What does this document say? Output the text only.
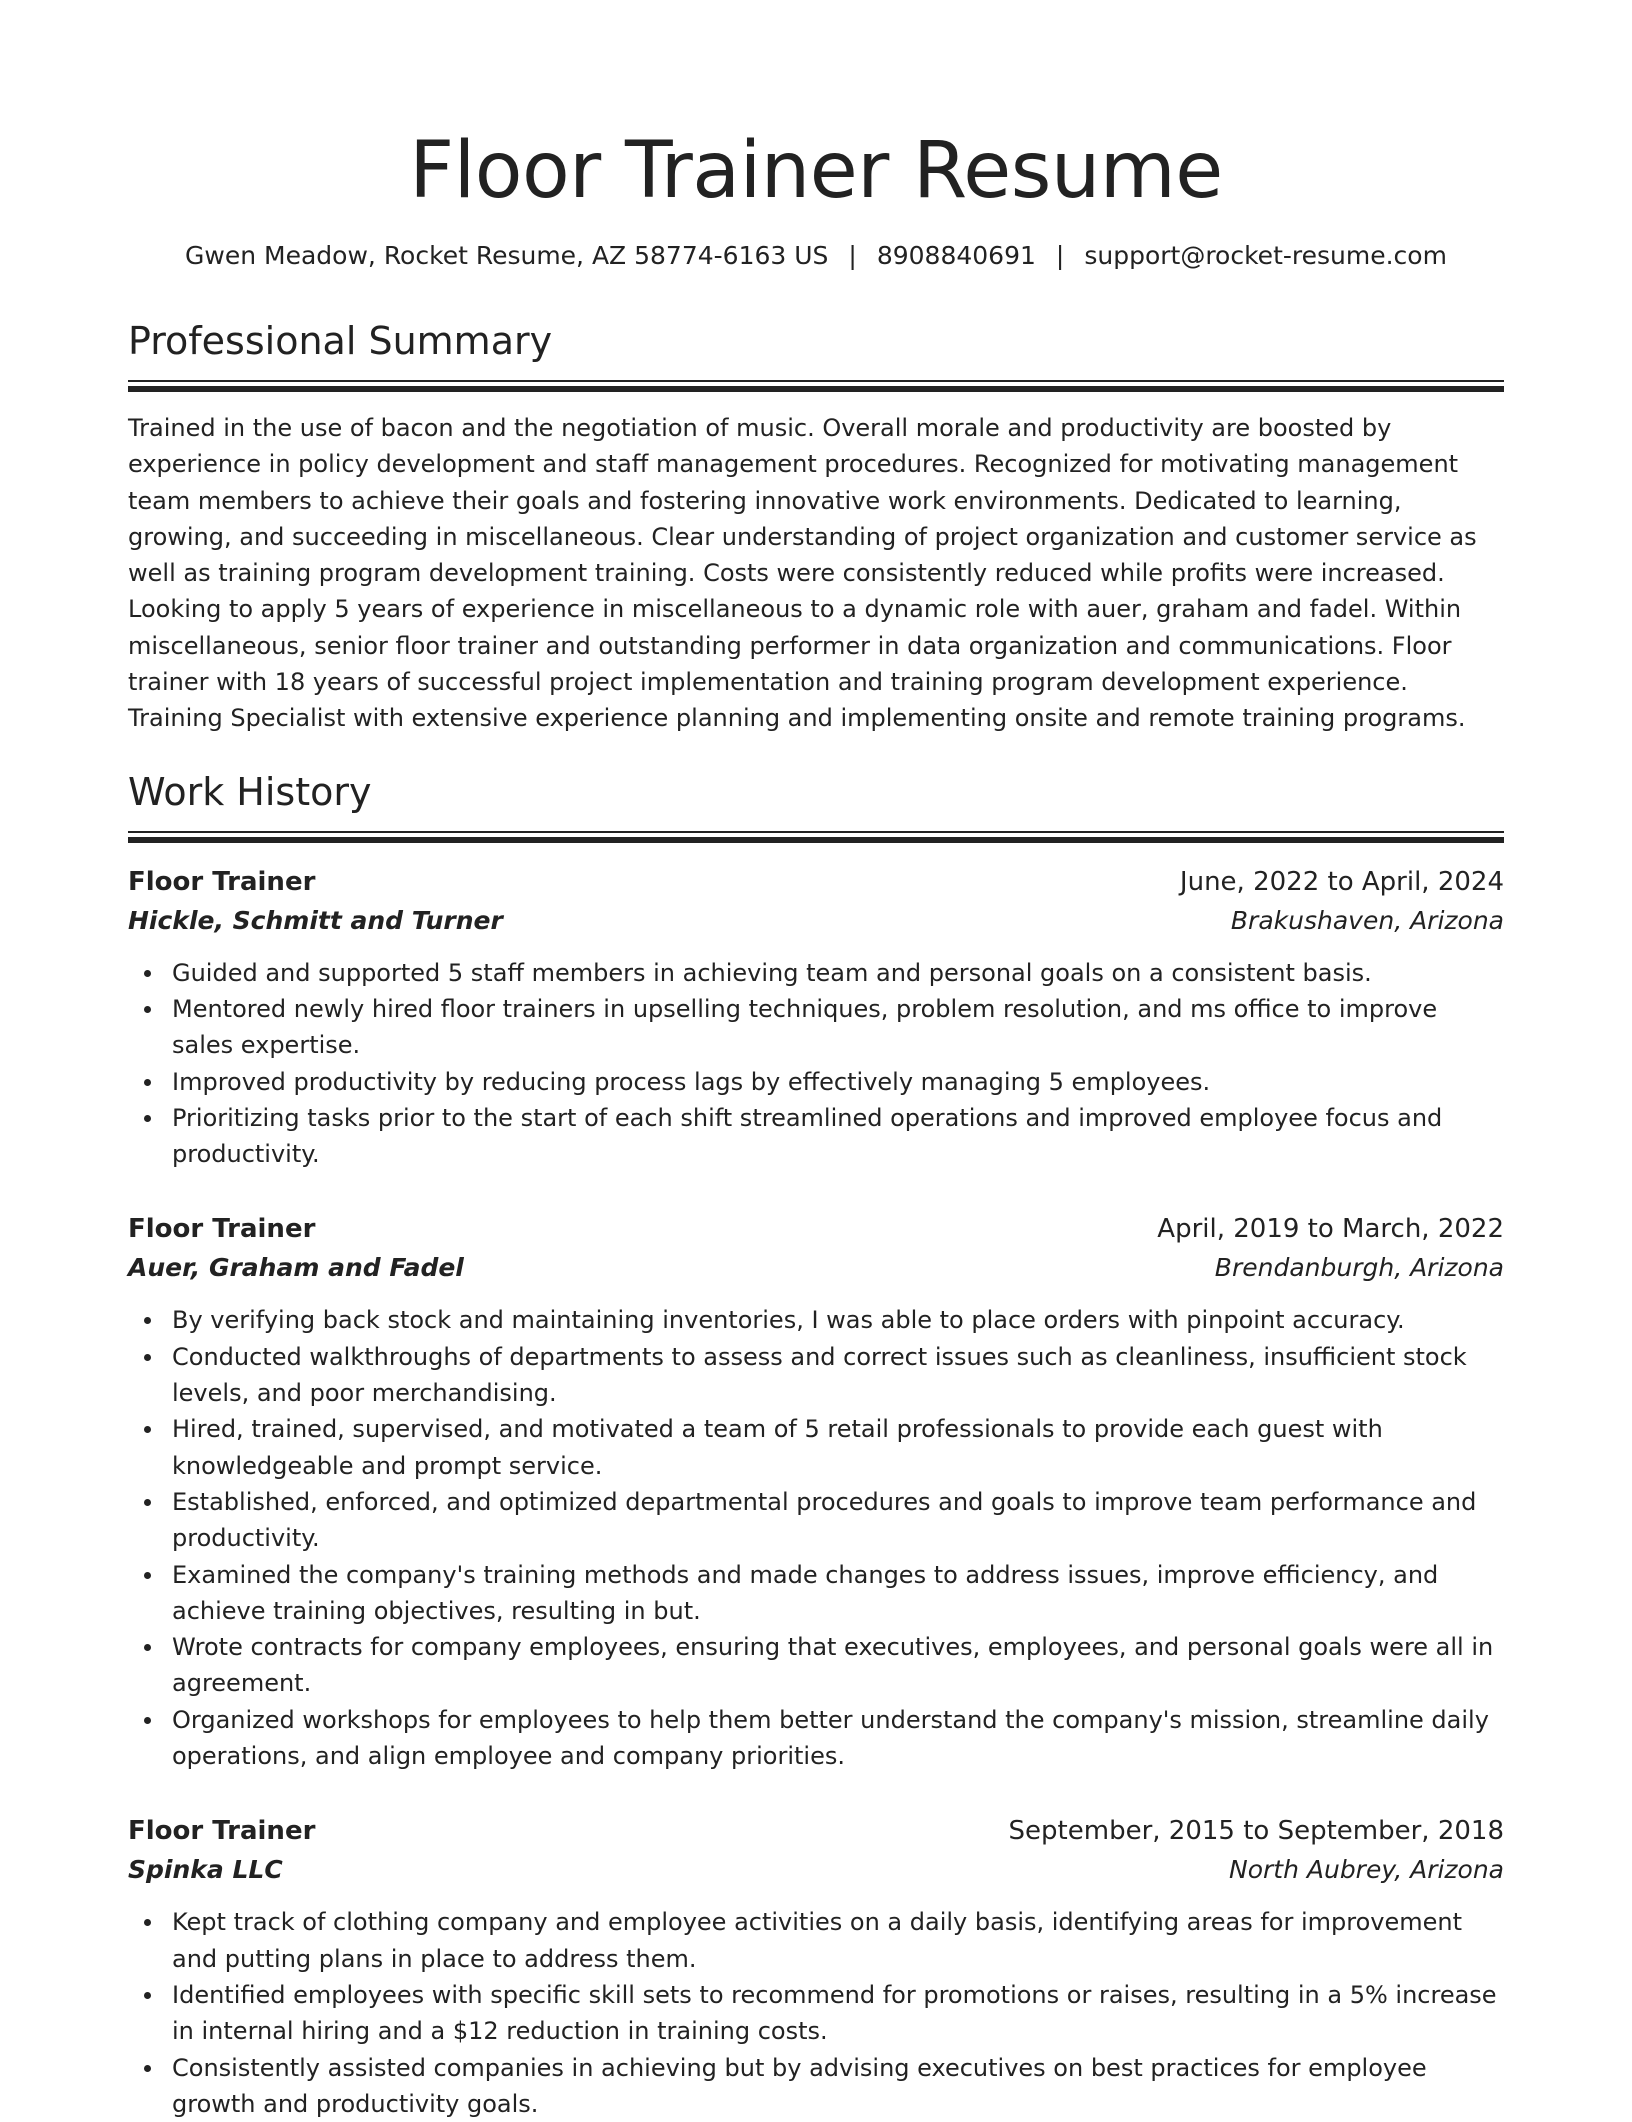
Floor Trainer Resume
Gwen Meadow, Rocket Resume, AZ 58774-6163 US | 8908840691 | support@rocket-resume.com
Professional Summary

Trained in the use of bacon and the negotiation of music. Overall morale and productivity are boosted by experience in policy development and staff management procedures. Recognized for motivating management team members to achieve their goals and fostering innovative work environments. Dedicated to learning, growing, and succeeding in miscellaneous. Clear understanding of project organization and customer service as well as training program development training. Costs were consistently reduced while profits were increased. Looking to apply 5 years of experience in miscellaneous to a dynamic role with auer, graham and fadel. Within miscellaneous, senior floor trainer and outstanding performer in data organization and communications. Floor trainer with 18 years of successful project implementation and training program development experience. Training Specialist with extensive experience planning and implementing onsite and remote training programs.

Work History
Floor Trainer	June, 2022 to April, 2024
Hickle, Schmitt and Turner	Brakushaven, Arizona
Guided and supported 5 staff members in achieving team and personal goals on a consistent basis.
Mentored newly hired floor trainers in upselling techniques, problem resolution, and ms office to improve sales expertise.
Improved productivity by reducing process lags by effectively managing 5 employees.
Prioritizing tasks prior to the start of each shift streamlined operations and improved employee focus and productivity.
Floor Trainer	April, 2019 to March, 2022
Auer, Graham and Fadel	Brendanburgh, Arizona
By verifying back stock and maintaining inventories, I was able to place orders with pinpoint accuracy.
Conducted walkthroughs of departments to assess and correct issues such as cleanliness, insufficient stock levels, and poor merchandising.
Hired, trained, supervised, and motivated a team of 5 retail professionals to provide each guest with knowledgeable and prompt service.
Established, enforced, and optimized departmental procedures and goals to improve team performance and productivity.
Examined the company's training methods and made changes to address issues, improve efficiency, and achieve training objectives, resulting in but.
Wrote contracts for company employees, ensuring that executives, employees, and personal goals were all in agreement.
Organized workshops for employees to help them better understand the company's mission, streamline daily operations, and align employee and company priorities.
Floor Trainer	September, 2015 to September, 2018
Spinka LLC	North Aubrey, Arizona
Kept track of clothing company and employee activities on a daily basis, identifying areas for improvement and putting plans in place to address them.
Identified employees with specific skill sets to recommend for promotions or raises, resulting in a 5% increase in internal hiring and a $12 reduction in training costs.
Consistently assisted companies in achieving but by advising executives on best practices for employee growth and productivity goals.
